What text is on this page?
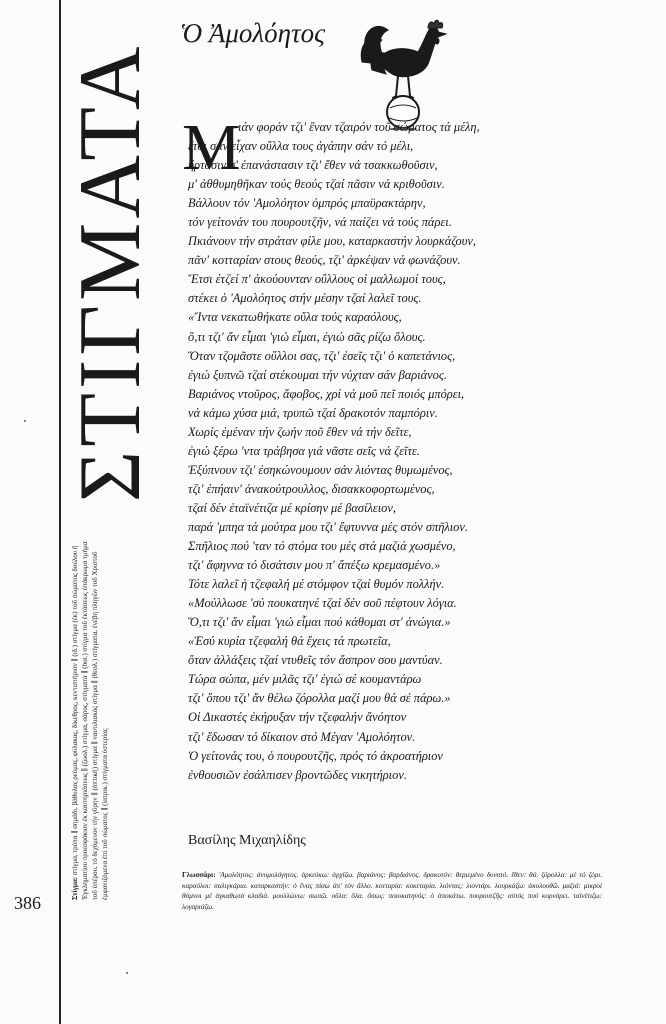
ΣΤΙΓΜΑΤΑ
Στίγμα: στίγμα, τρύπα ∥ σημάδι, βάθυλας ρεύμας, φύλακας, δίκεθρος, κεντιστήριον ∥ (ιδ.) στίγμα (ἐκ) τοῦ σώματος δούλου ἢ Ἐγκληματίου προεσφάκιον ἐκ καυτηριάσεως ∥ (ζωολ.) στίγμα, σάρος, στίγματα ∥ (bot.) στίγμα τοῦ ἐκτάσεως ὑπάκρωμα τμήμα τοῦ ὑπέρου, τό δεχόμενον τήν γῦρην ∥ (ὀπτική) στίγμα ∥ ναυτιλιακός στίγμα ∥ (θεολ.) στίγματα, ἐνέβη πληγῶν τοῦ Χριστοῦ ἐμφανιζόμενα ἐπί τοῦ σώματος ∥ (ἰατρικ.) στίγματα ὑστερίας
386
Ὁ Ἀμολόητος
Μ
ιάν φοράν τζι' ἕναν τζαιρόν τοῦ σώματος τά μέλη,
ἔτσι σάν εἶχαν οὔλλα τους ἀγάπην σάν τό μέλι,
ἤρτασιν σ' ἐπανάστασιν τζι' ἔθεν νά τσακκωθοῦσιν,
μ' ἀθθυμηθῆκαν τούς θεούς τζαί πᾶσιν νά κριθοῦσιν.
Βάλλουν τόν 'Αμολόητον ὀμπρός μπαϋρακτάρην,
τόν γείτονάν του πουρουτζῆν, νά παίζει νά τούς πάρει.
Πκιάνουν τήν στράταν φίλε μου, καταρκαστήν λουρκάζουν,
πᾶν' κοτταρίαν στους θεούς, τζι' ἀρκέψαν νά φωνάζουν.
Ἔτσι ἐτζεί π' ἀκούουνταν οὔλλους οἱ μαλλωμοί τους,
στέκει ὁ 'Αμολόητος στήν μέσην τζαί λαλεῖ τους.
«Ἴντα νεκατωθήκατε οὔλα τούς καραόλους,
ὅ,τι τζι' ἄν εἶμαι 'γιώ εἶμαι, ἐγιώ σᾶς ρίζω ὅλους.
Ὅταν τζομᾶστε οὔλλοι σας, τζι' ἐσεῖς τζι' ὁ καπετάνιος,
ἐγιώ ξυπνῶ τζαί στέκουμαι τήν νύχταν σάν βαριάνος.
Βαριάνος ντοῦρος, ἄφοβος, χρί νά μοῦ πεῖ ποιός μπόρει,
νά κάμω χύσα μιά, τρυπῶ τζαί δρακοτόν παμπόριν.
Χωρίς ἐμέναν τήν ζωήν ποῦ ἔθεν νά τήν δεῖτε,
ἐγιώ ξέρω 'ντα τράβησα γιά νᾶστε σεῖς νά ζεῖτε.
Ἐξύπνουν τζι' ἐσηκώνουμουν σάν λιόντας θυμωμένος,
τζι' ἐπήαιν' ἀνακούτρουλλος, δισακκοφορτωμένος,
τζαί δέν ἐταϊνέτιζα μέ κρίσην μέ βασίλειον,
παρά 'μπηα τά μούτρα μου τζι' ἔφτυννα μές στόν σπῆλιον.
Σπῆλιος πού 'ταν τό στόμα του μές στά μαζιά χωσμένο,
τζι' ἄφηννα τό δισάτσιν μου π' ἄπέξω κρεμασμένο.»
Τότε λαλεῖ ἡ τζεφαλή μέ στόμφον τζαί θυμόν πολλήν.
«Μούλλωσε 'σύ πουκατηνέ τζαί δέν σοῦ πέφτουν λόγια.
Ὅ,τι τζι' ἄν εἶμαι 'γιώ εἶμαι πού κάθομαι στ' ἀνώγια.»
«Ἐσύ κυρία τζεφαλή θά ἔχεις τά πρωτεῖα,
ὅταν ἀλλάξεις τζαί ντυθεῖς τόν ἄσπρον σου μαντύαν.
Τώρα σώπα, μέν μιλᾶς τζι' ἐγιώ σέ κουμαντάρω
τζι' ὅπου τζι' ἄν θέλω ζόρολλα μαζί μου θά σέ πάρω.»
Οἱ Δικαστές ἐκήρυξαν τήν τζεφαλήν ἄνόητον
τζι' ἔδωσαν τό δίκαιον στό Μέγαν 'Αμολόητον.
Ὁ γείτονάς του, ὁ πουρουτζῆς, πρός τό ἀκροατήριον
ἐνθουσιῶν ἐσάλπισεν βροντῶδες νικητήριον.
Βασίλης Μιχαηλίδης
Γλωσσάρι: 'Αμολόητος: ἀνομολόγητος. ἀρκεύκω: ἀρχίζω. βαριάνος: βαρδιάνος. δρακοτόν: θεριεμένο δυνατό. ἔθεν: θά. ζόρολλα: μέ τό ζόρι. καραόλοι: σαλιγκάρια. καταρκαστήν: ὁ ἕνας πίσω ἀπ' τόν ἄλλο. κοτταρία: κοκεταρία. λιόντας: λιοντάρι. λουρκάζω: ἀκολουθῶ. μαζιά: μικροί θάμνοι μέ ἀγκαθωτά κλαδιά. μουλλώνω: σωπῶ. οὔλα: ὅλα. ὅσως: ποιοκατηνός: ὁ ἀποκάτω. πουρουτζῆς: αὐτός πού κορνάρει. ταϊνέτιζω: λογαριάζω.
